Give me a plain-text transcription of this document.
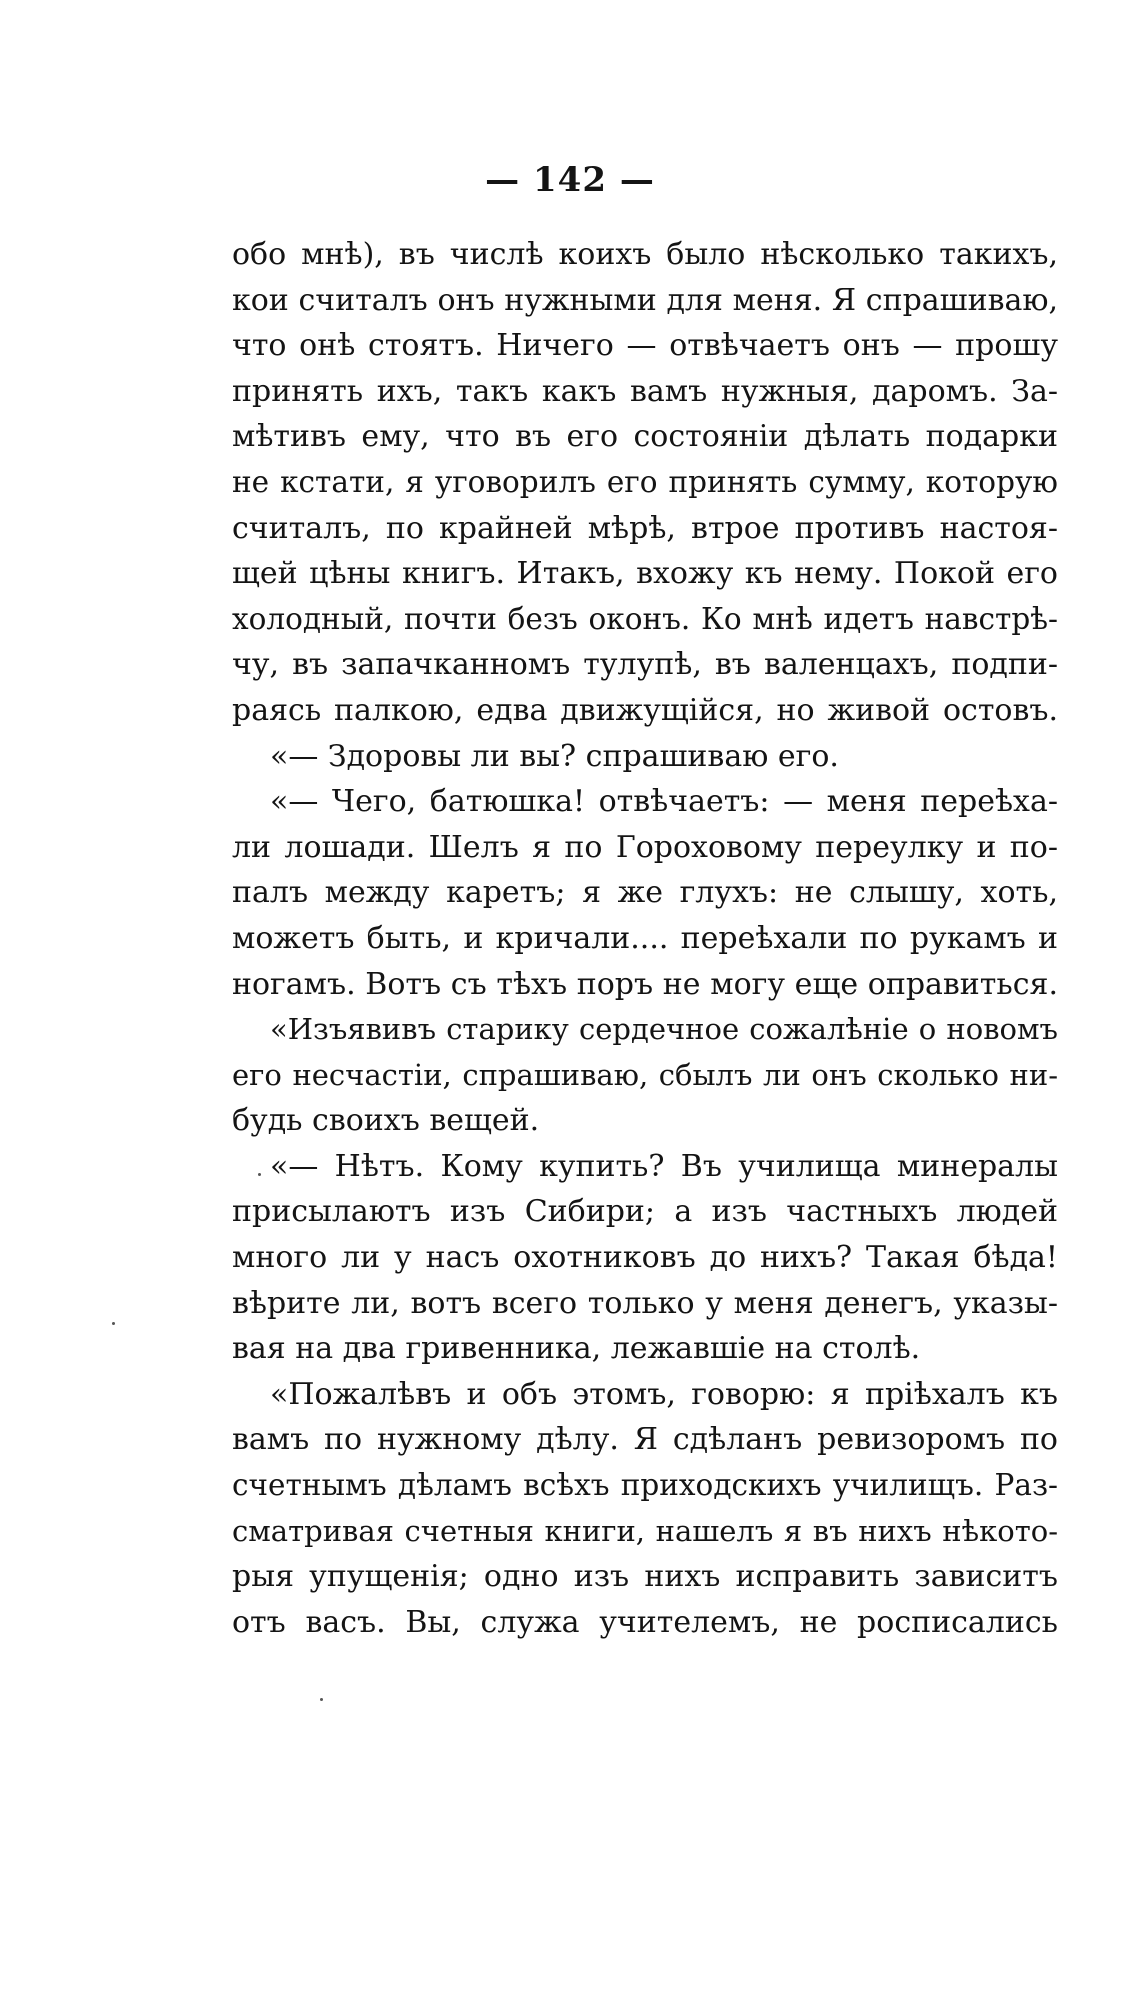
— 142 —
обо мнѣ), въ числѣ коихъ было нѣсколько такихъ,
кои считалъ онъ нужными для меня. Я спрашиваю,
что онѣ стоятъ. Ничего — отвѣчаетъ онъ — прошу
принять ихъ, такъ какъ вамъ нужныя, даромъ. За-
мѣтивъ ему, что въ его состояніи дѣлать подарки
не кстати, я уговорилъ его принять сумму, которую
считалъ, по крайней мѣрѣ, втрое противъ настоя-
щей цѣны книгъ. Итакъ, вхожу къ нему. Покой его
холодный, почти безъ оконъ. Ко мнѣ идетъ навстрѣ-
чу, въ запачканномъ тулупѣ, въ валенцахъ, подпи-
раясь палкою, едва движущійся, но живой остовъ.
«— Здоровы ли вы? спрашиваю его.
«— Чего, батюшка! отвѣчаетъ: — меня переѣха-
ли лошади. Шелъ я по Гороховому переулку и по-
палъ между каретъ; я же глухъ: не слышу, хоть,
можетъ быть, и кричали.... переѣхали по рукамъ и
ногамъ. Вотъ съ тѣхъ поръ не могу еще оправиться.
«Изъявивъ старику сердечное сожалѣніе о новомъ
его несчастіи, спрашиваю, сбылъ ли онъ сколько ни-
будь своихъ вещей.
«— Нѣтъ. Кому купить? Въ училища минералы
присылаютъ изъ Сибири; а изъ частныхъ людей
много ли у насъ охотниковъ до нихъ? Такая бѣда!
вѣрите ли, вотъ всего только у меня денегъ, указы-
вая на два гривенника, лежавшіе на столѣ.
«Пожалѣвъ и объ этомъ, говорю: я пріѣхалъ къ
вамъ по нужному дѣлу. Я сдѣланъ ревизоромъ по
счетнымъ дѣламъ всѣхъ приходскихъ училищъ. Раз-
сматривая счетныя книги, нашелъ я въ нихъ нѣкото-
рыя упущенія; одно изъ нихъ исправить зависитъ
отъ васъ. Вы, служа учителемъ, не росписались
